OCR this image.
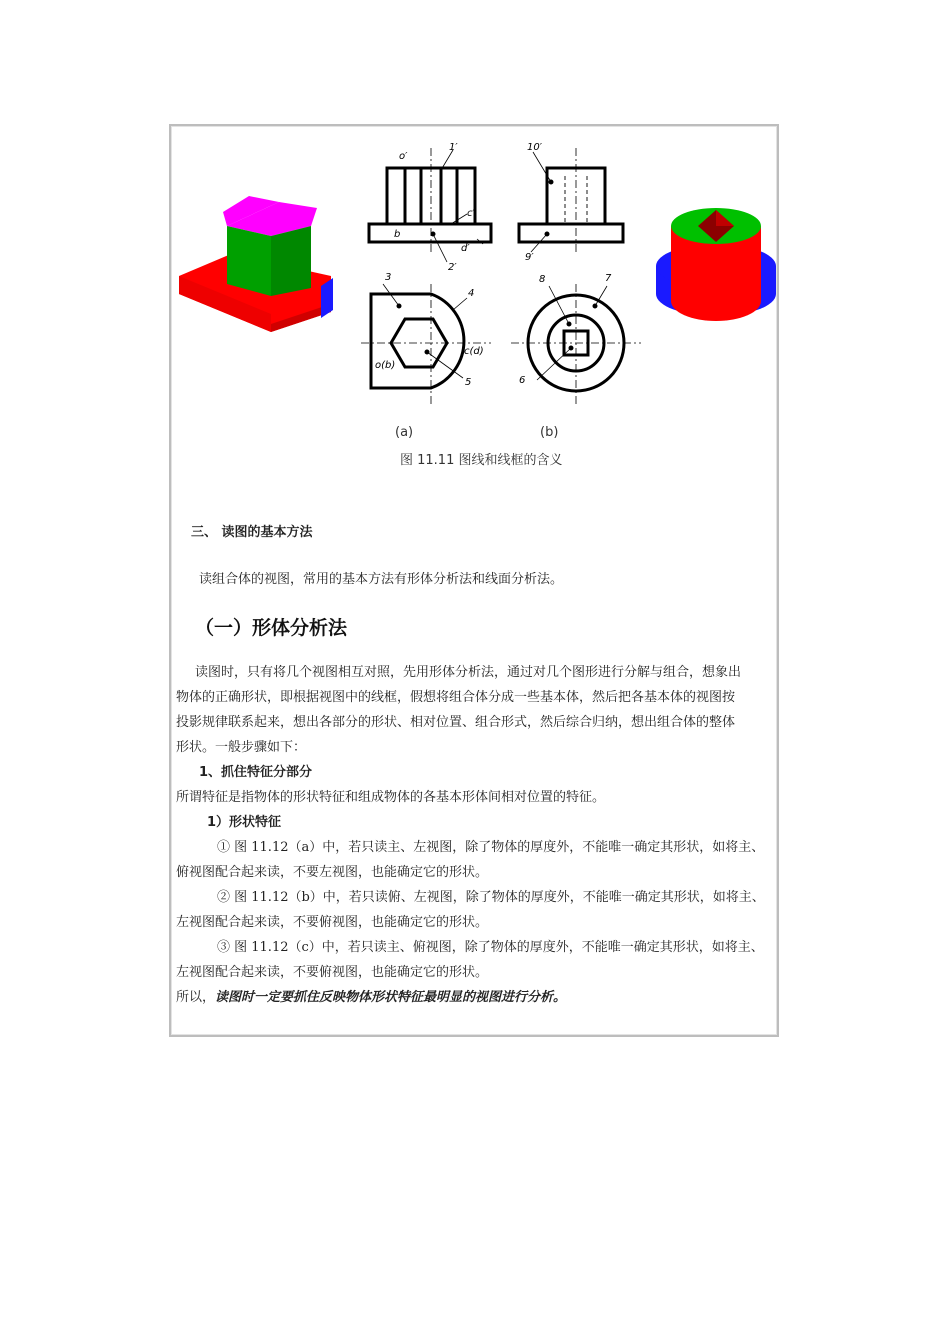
o′
1′
c′
b
d′
2′
3
4
5
c(d)
o(b)
10′
9′
8	7
6
(a)	(b)
图 11.11 图线和线框的含义
三、 读图的基本方法
读组合体的视图，常用的基本方法有形体分析法和线面分析法。
（一）形体分析法
读图时，只有将几个视图相互对照，先用形体分析法，通过对几个图形进行分解与组合，想象出
物体的正确形状，即根据视图中的线框，假想将组合体分成一些基本体，然后把各基本体的视图按
投影规律联系起来，想出各部分的形状、相对位置、组合形式，然后综合归纳，想出组合体的整体
形状。一般步骤如下：
1、抓住特征分部分
所谓特征是指物体的形状特征和组成物体的各基本形体间相对位置的特征。
1）形状特征
① 图 11.12（a）中，若只读主、左视图，除了物体的厚度外，不能唯一确定其形状，如将主、
俯视图配合起来读，不要左视图，也能确定它的形状。
② 图 11.12（b）中，若只读俯、左视图，除了物体的厚度外，不能唯一确定其形状，如将主、
左视图配合起来读，不要俯视图，也能确定它的形状。
③ 图 11.12（c）中，若只读主、俯视图，除了物体的厚度外，不能唯一确定其形状，如将主、
左视图配合起来读，不要俯视图，也能确定它的形状。
所以，读图时一定要抓住反映物体形状特征最明显的视图进行分析。
